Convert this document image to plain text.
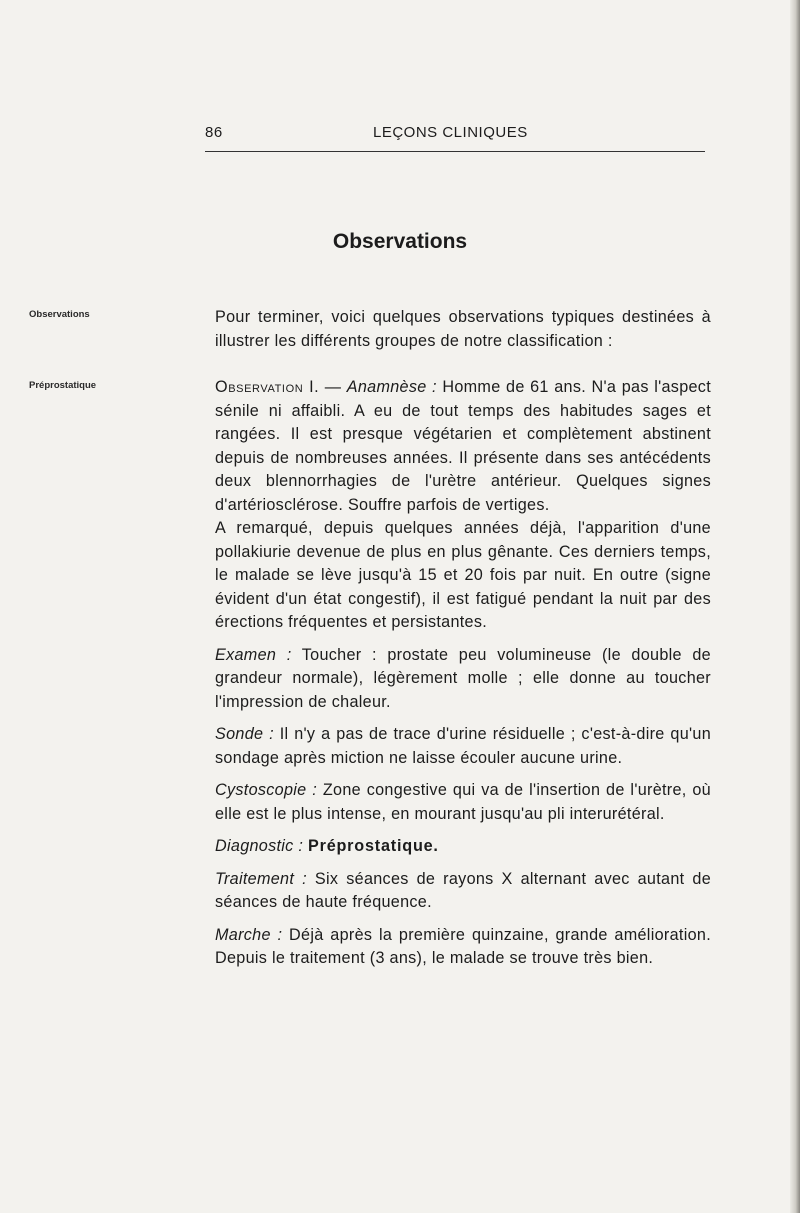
86	LEÇONS CLINIQUES
Observations
Observations
Préprostatique

Pour terminer, voici quelques observations typiques destinées à illustrer les différents groupes de notre classification :

Observation I. — Anamnèse : Homme de 61 ans. N'a pas l'aspect sénile ni affaibli. A eu de tout temps des habitudes sages et rangées. Il est presque végétarien et complètement abstinent depuis de nombreuses années. Il présente dans ses antécédents deux blennorrhagies de l'urètre antérieur. Quelques signes d'artériosclérose. Souffre parfois de vertiges.

A remarqué, depuis quelques années déjà, l'apparition d'une pollakiurie devenue de plus en plus gênante. Ces derniers temps, le malade se lève jusqu'à 15 et 20 fois par nuit. En outre (signe évident d'un état congestif), il est fatigué pendant la nuit par des érections fréquentes et persistantes.

Examen : Toucher : prostate peu volumineuse (le double de grandeur normale), légèrement molle ; elle donne au toucher l'impression de chaleur.

Sonde : Il n'y a pas de trace d'urine résiduelle ; c'est-à-dire qu'un sondage après miction ne laisse écouler aucune urine.

Cystoscopie : Zone congestive qui va de l'insertion de l'urètre, où elle est le plus intense, en mourant jusqu'au pli interurétéral.

Diagnostic : Préprostatique.

Traitement : Six séances de rayons X alternant avec autant de séances de haute fréquence.

Marche : Déjà après la première quinzaine, grande amélioration. Depuis le traitement (3 ans), le malade se trouve très bien.
